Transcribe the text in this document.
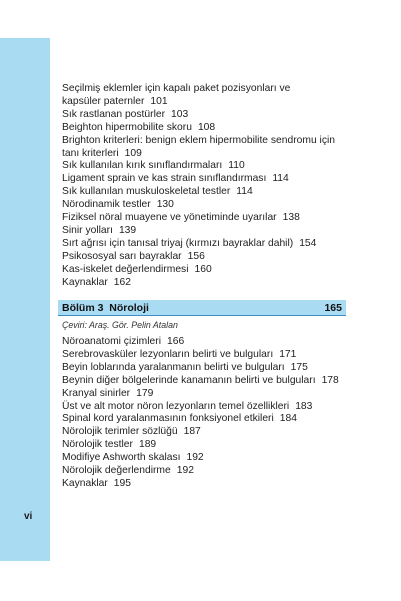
vi
Seçilmiş eklemler için kapalı paket pozisyonları ve
kapsüler paternler 101
Sık rastlanan postürler 103
Beighton hipermobilite skoru 108
Brighton kriterleri: benign eklem hipermobilite sendromu için
tanı kriterleri 109
Sık kullanılan kırık sınıflandırmaları 110
Ligament sprain ve kas strain sınıflandırması 114
Sık kullanılan muskuloskeletal testler 114
Nörodinamik testler 130
Fiziksel nöral muayene ve yönetiminde uyarılar 138
Sinir yolları 139
Sırt ağrısı için tanısal triyaj (kırmızı bayraklar dahil) 154
Psikososyal sarı bayraklar 156
Kas-iskelet değerlendirmesi 160
Kaynaklar 162
Bölüm 3  Nöroloji	165
Çeviri: Araş. Gör. Pelin Atalan
Nöroanatomi çizimleri 166
Serebrovasküler lezyonların belirti ve bulguları 171
Beyin loblarında yaralanmanın belirti ve bulguları 175
Beynin diğer bölgelerinde kanamanın belirti ve bulguları 178
Kranyal sinirler 179
Üst ve alt motor nöron lezyonların temel özellikleri 183
Spinal kord yaralanmasının fonksiyonel etkileri 184
Nörolojik terimler sözlüğü 187
Nörolojik testler 189
Modifiye Ashworth skalası 192
Nörolojik değerlendirme 192
Kaynaklar 195
